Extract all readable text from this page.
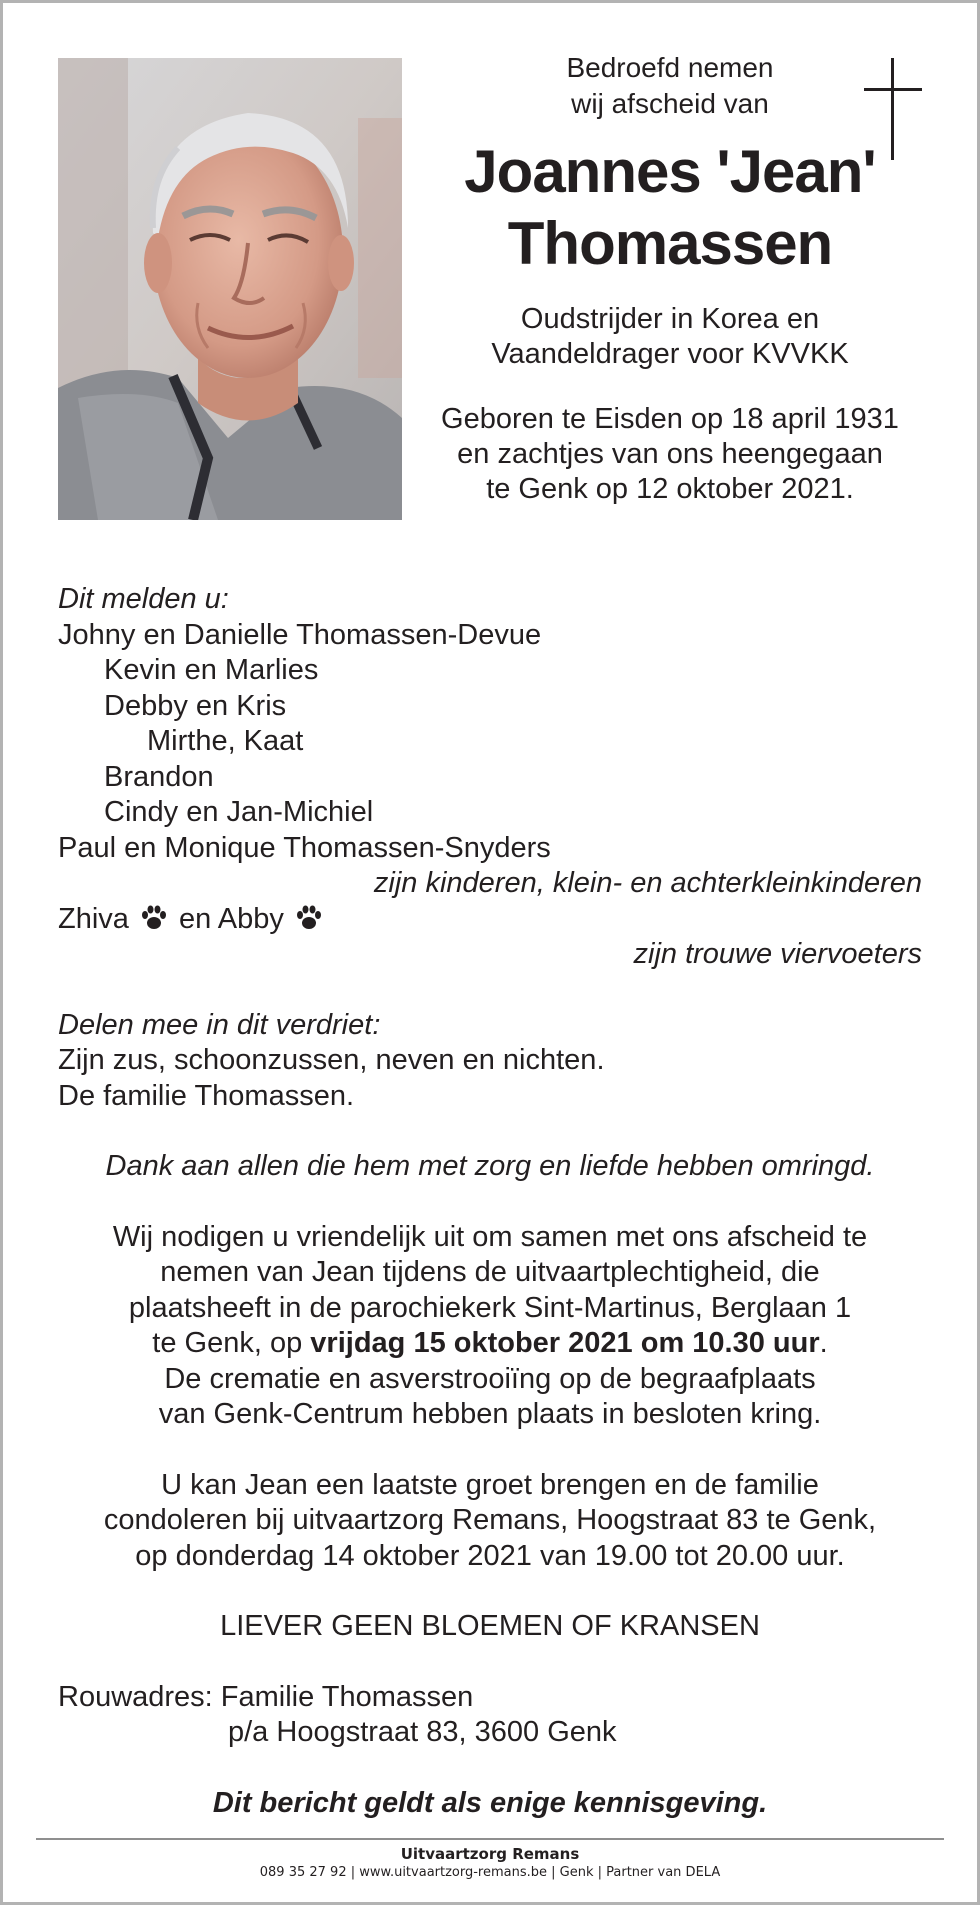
Bedroefd nemen
wij afscheid van
Joannes 'Jean'
Thomassen
Oudstrijder in Korea en
Vaandeldrager voor KVVKK
Geboren te Eisden op 18 april 1931
en zachtjes van ons heengegaan
te Genk op 12 oktober 2021.
Dit melden u:
Johny en Danielle Thomassen-Devue
Kevin en Marlies
Debby en Kris
Mirthe, Kaat
Brandon
Cindy en Jan-Michiel
Paul en Monique Thomassen-Snyders
zijn kinderen, klein- en achterkleinkinderen
Zhiva en Abby
zijn trouwe viervoeters
Delen mee in dit verdriet:
Zijn zus, schoonzussen, neven en nichten.
De familie Thomassen.
Dank aan allen die hem met zorg en liefde hebben omringd.
Wij nodigen u vriendelijk uit om samen met ons afscheid te
nemen van Jean tijdens de uitvaartplechtigheid, die
plaatsheeft in de parochiekerk Sint-Martinus, Berglaan 1
te Genk, op vrijdag 15 oktober 2021 om 10.30 uur.
De crematie en asverstrooiïng op de begraafplaats
van Genk-Centrum hebben plaats in besloten kring.
U kan Jean een laatste groet brengen en de familie
condoleren bij uitvaartzorg Remans, Hoogstraat 83 te Genk,
op donderdag 14 oktober 2021 van 19.00 tot 20.00 uur.
LIEVER GEEN BLOEMEN OF KRANSEN
Rouwadres: Familie Thomassen
p/a Hoogstraat 83, 3600 Genk
Dit bericht geldt als enige kennisgeving.
Uitvaartzorg Remans
089 35 27 92 | www.uitvaartzorg-remans.be | Genk | Partner van DELA
